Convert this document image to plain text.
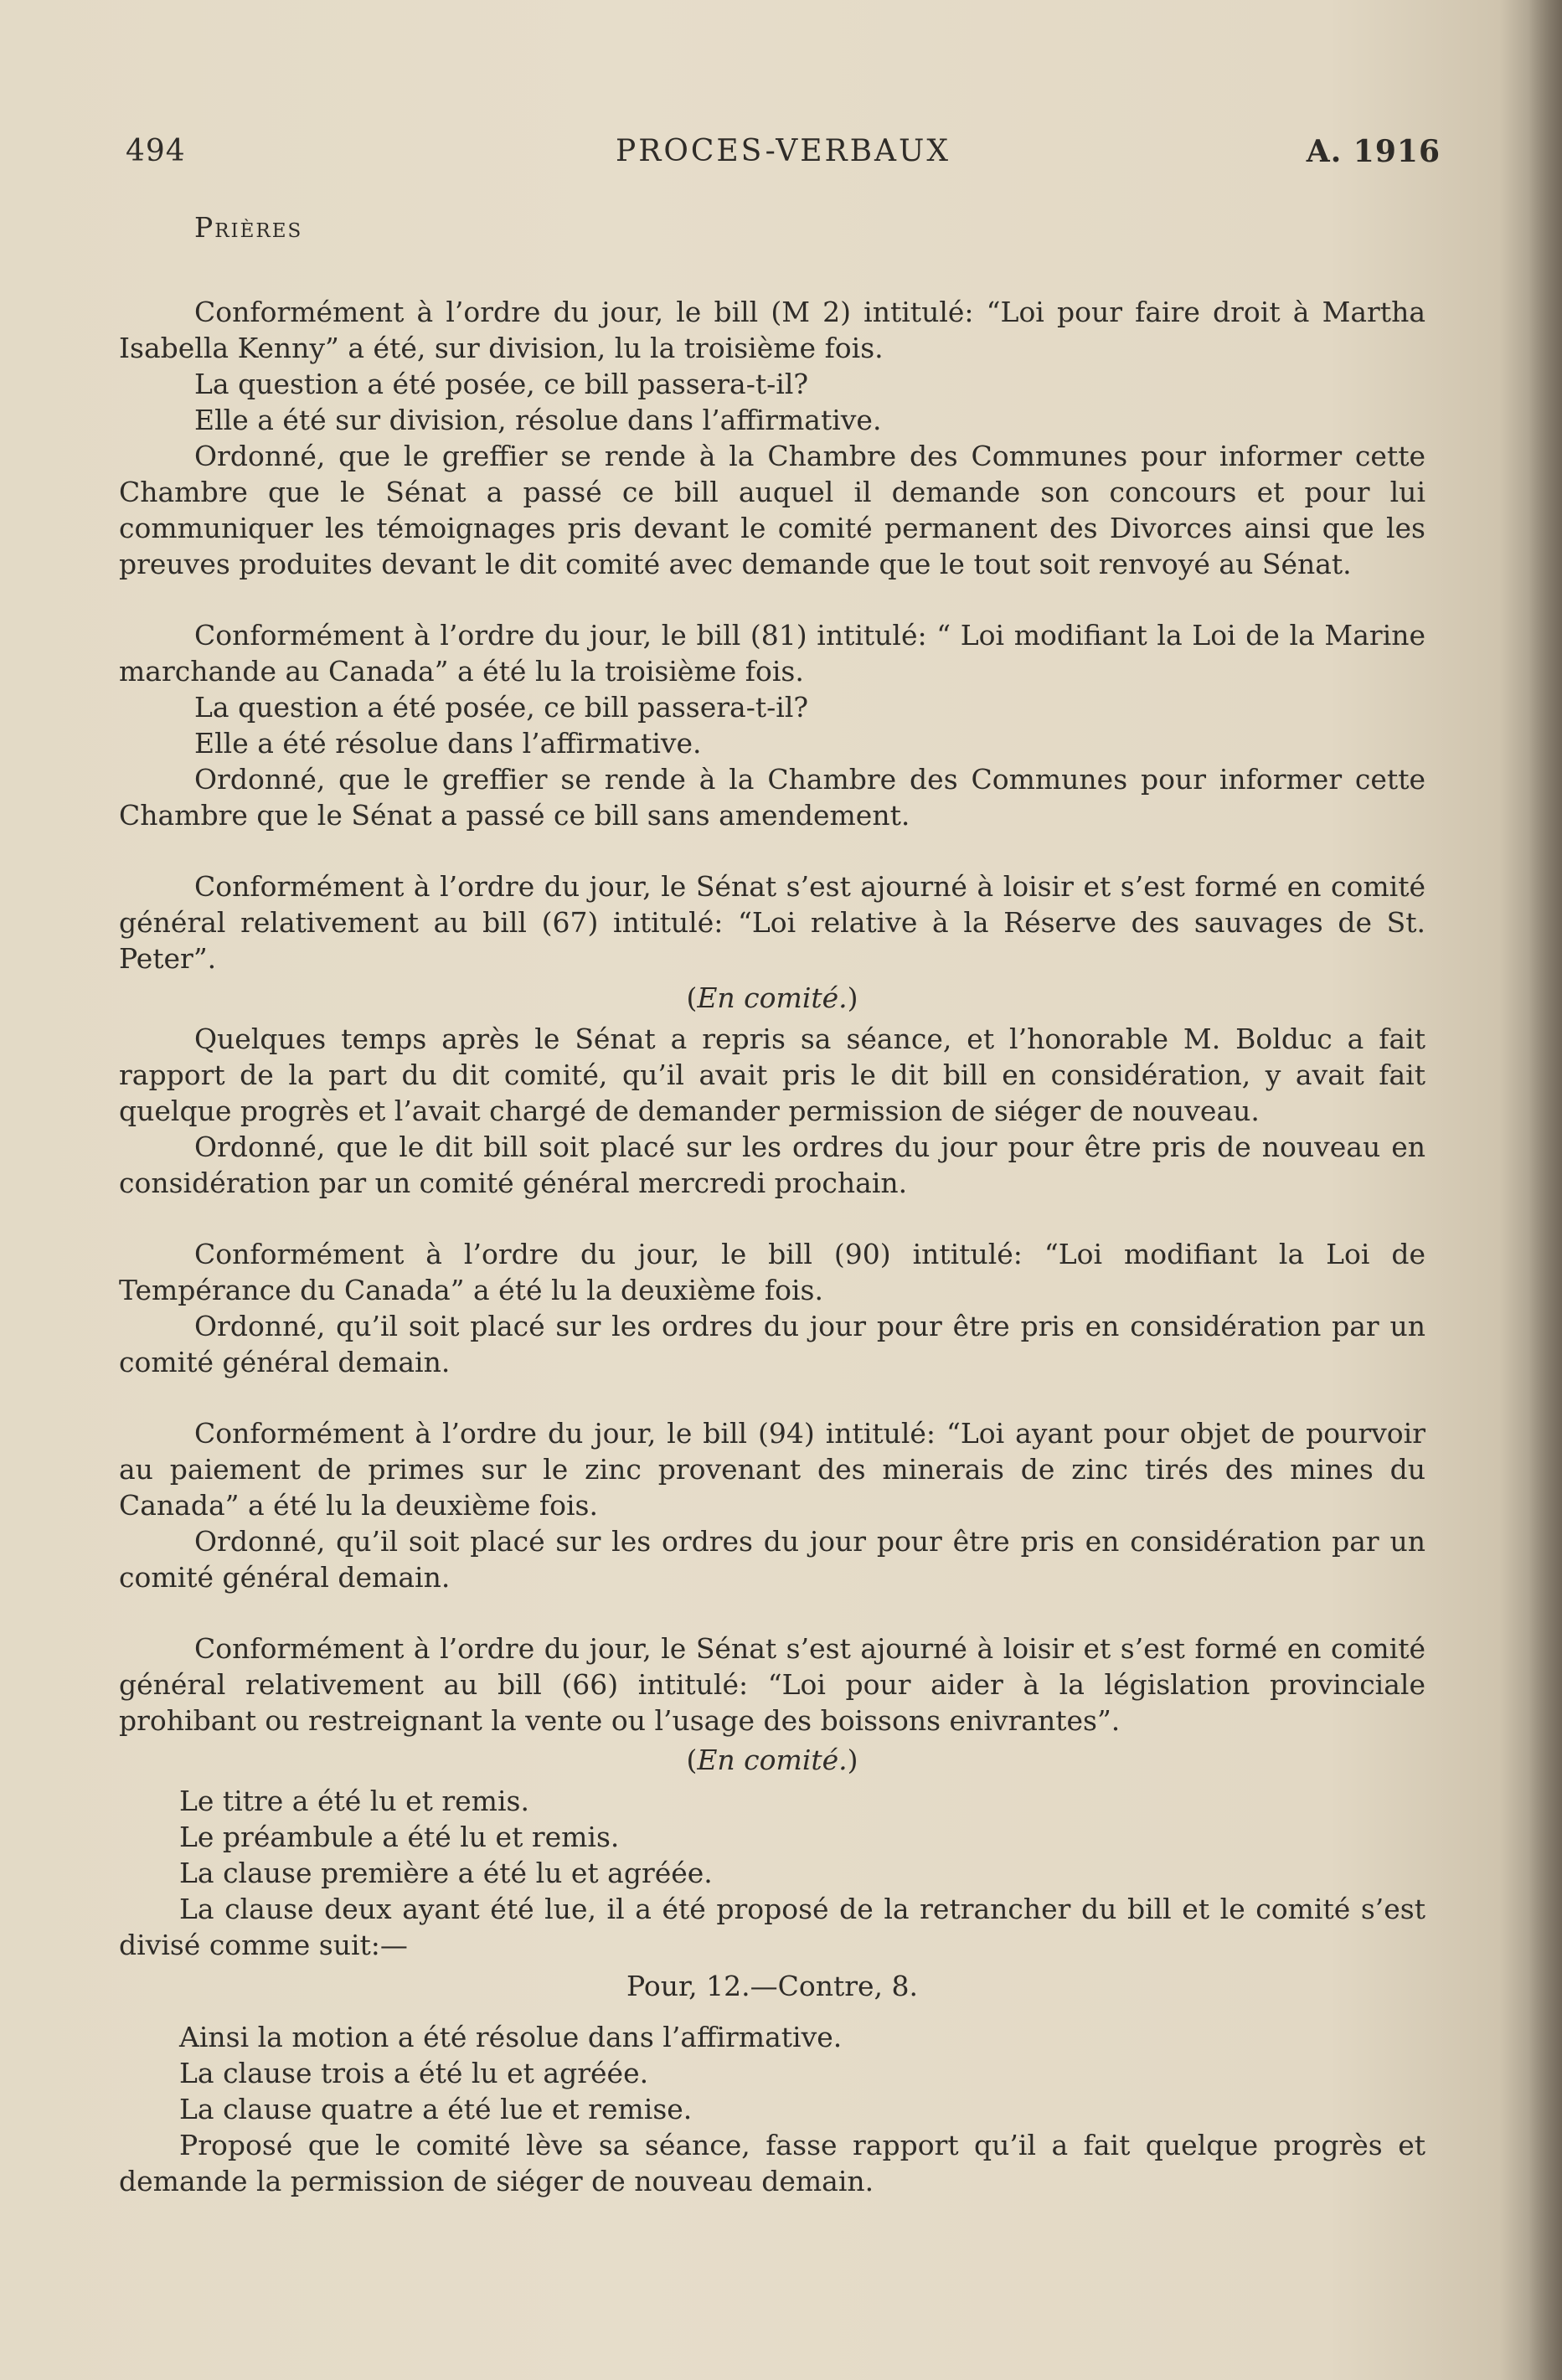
494	PROCES-VERBAUX	A. 1916
Prières

Conformément à l’ordre du jour, le bill (M 2) intitulé: “Loi pour faire droit à Martha Isabella Kenny” a été, sur division, lu la troisième fois.

La question a été posée, ce bill passera-t-il?

Elle a été sur division, résolue dans l’affirmative.

Ordonné, que le greffier se rende à la Chambre des Communes pour informer cette Chambre que le Sénat a passé ce bill auquel il demande son concours et pour lui communiquer les témoignages pris devant le comité permanent des Divorces ainsi que les preuves produites devant le dit comité avec demande que le tout soit renvoyé au Sénat.

Conformément à l’ordre du jour, le bill (81) intitulé: “ Loi modifiant la Loi de la Marine marchande au Canada” a été lu la troisième fois.

La question a été posée, ce bill passera-t-il?

Elle a été résolue dans l’affirmative.

Ordonné, que le greffier se rende à la Chambre des Communes pour informer cette Chambre que le Sénat a passé ce bill sans amendement.

Conformément à l’ordre du jour, le Sénat s’est ajourné à loisir et s’est formé en comité général relativement au bill (67) intitulé: “Loi relative à la Réserve des sauvages de St. Peter”.

(En comité.)

Quelques temps après le Sénat a repris sa séance, et l’honorable M. Bolduc a fait rapport de la part du dit comité, qu’il avait pris le dit bill en considération, y avait fait quelque progrès et l’avait chargé de demander permission de siéger de nouveau.

Ordonné, que le dit bill soit placé sur les ordres du jour pour être pris de nouveau en considération par un comité général mercredi prochain.

Conformément à l’ordre du jour, le bill (90) intitulé: “Loi modifiant la Loi de Tempérance du Canada” a été lu la deuxième fois.

Ordonné, qu’il soit placé sur les ordres du jour pour être pris en considération par un comité général demain.

Conformément à l’ordre du jour, le bill (94) intitulé: “Loi ayant pour objet de pourvoir au paiement de primes sur le zinc provenant des minerais de zinc tirés des mines du Canada” a été lu la deuxième fois.

Ordonné, qu’il soit placé sur les ordres du jour pour être pris en considération par un comité général demain.

Conformément à l’ordre du jour, le Sénat s’est ajourné à loisir et s’est formé en comité général relativement au bill (66) intitulé: “Loi pour aider à la législation provinciale prohibant ou restreignant la vente ou l’usage des boissons enivrantes”.

(En comité.)

Le titre a été lu et remis.

Le préambule a été lu et remis.

La clause première a été lu et agréée.

La clause deux ayant été lue, il a été proposé de la retrancher du bill et le comité s’est divisé comme suit:—

Pour, 12.—Contre, 8.

Ainsi la motion a été résolue dans l’affirmative.

La clause trois a été lu et agréée.

La clause quatre a été lue et remise.

Proposé que le comité lève sa séance, fasse rapport qu’il a fait quelque progrès et demande la permission de siéger de nouveau demain.
